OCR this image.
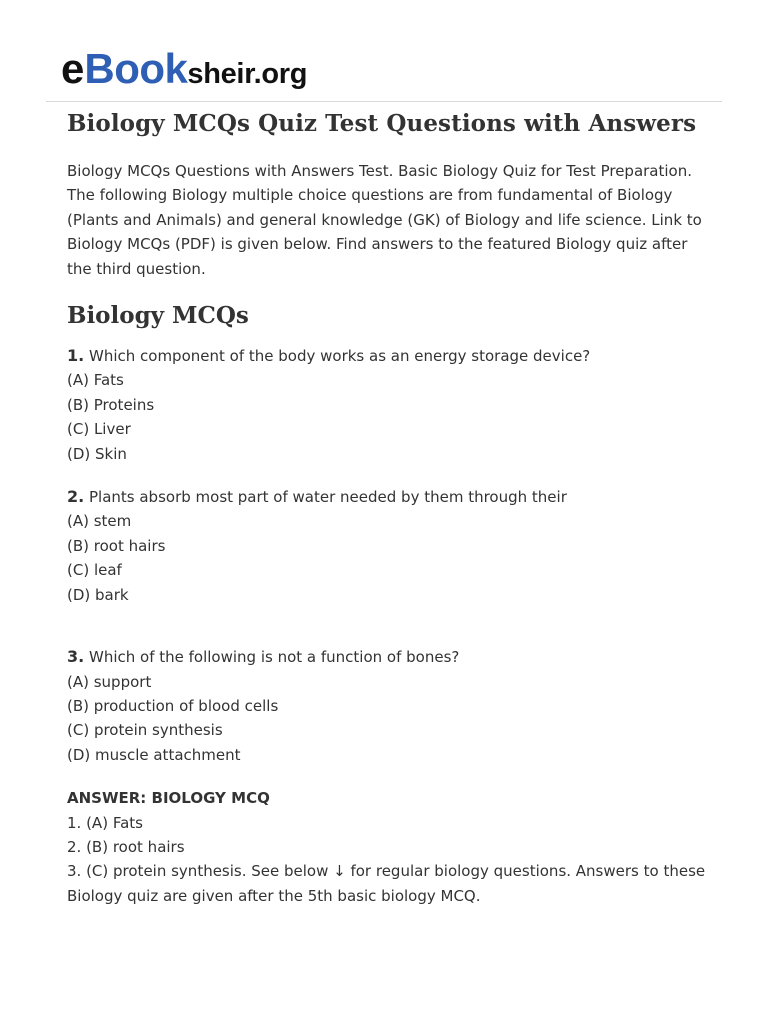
eBooksheir.org
Biology MCQs Quiz Test Questions with Answers

Biology MCQs Questions with Answers Test. Basic Biology Quiz for Test Preparation. The following Biology multiple choice questions are from fundamental of Biology (Plants and Animals) and general knowledge (GK) of Biology and life science. Link to Biology MCQs (PDF) is given below. Find answers to the featured Biology quiz after the third question.

Biology MCQs
1. Which component of the body works as an energy storage device?
(A) Fats
(B) Proteins
(C) Liver
(D) Skin
2. Plants absorb most part of water needed by them through their
(A) stem
(B) root hairs
(C) leaf
(D) bark
3. Which of the following is not a function of bones?
(A) support
(B) production of blood cells
(C) protein synthesis
(D) muscle attachment
ANSWER: BIOLOGY MCQ
1. (A) Fats
2. (B) root hairs
3. (C) protein synthesis. See below ↓ for regular biology questions. Answers to these Biology quiz are given after the 5th basic biology MCQ.
